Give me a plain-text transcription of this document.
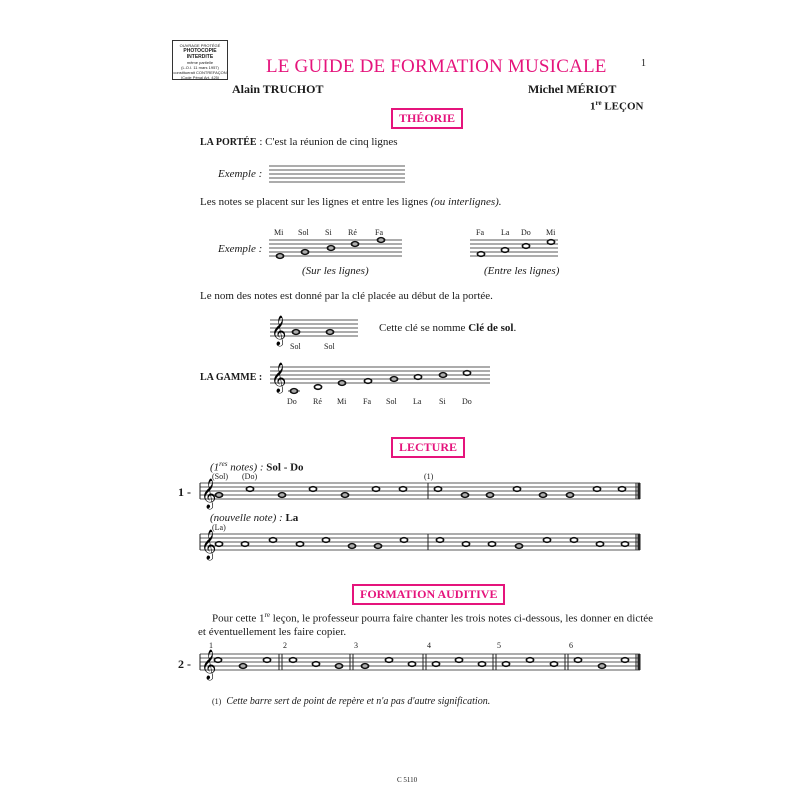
OUVRAGE PROTÉGÉ
PHOTOCOPIE
INTERDITE
même partielle
(L.O.I. 11 mars 1957)
constituerait CONTREFAÇON
(Code Pénal Art. 425)
LE GUIDE DE FORMATION MUSICALE	1
Alain TRUCHOT	Michel MÉRIOT
1re LEÇON
THÉORIE
LA PORTÉE : C'est la réunion de cinq lignes
Exemple :
Les notes se placent sur les lignes et entre les lignes (ou interlignes).
Mi Sol Si Ré Fa	Fa La Do Mi
Exemple :
(Sur les lignes)	(Entre les lignes)
Le nom des notes est donné par la clé placée au début de la portée.
𝄞
Sol	Sol
Cette clé se nomme Clé de sol.
LA GAMME : 𝄞
Do Ré Mi Fa Sol La Si Do
LECTURE
(1res notes) : Sol - Do
(Sol) (Do)	(1)
1 - 𝄞
(nouvelle note) : La
(La)
𝄞
FORMATION AUDITIVE
Pour cette 1re leçon, le professeur pourra faire chanter les trois notes ci-dessous, les donner en dictée
et éventuellement les faire copier.
1	2	3	4	5	6
2 - 𝄞
(1) Cette barre sert de point de repère et n'a pas d'autre signification.
C 5110
